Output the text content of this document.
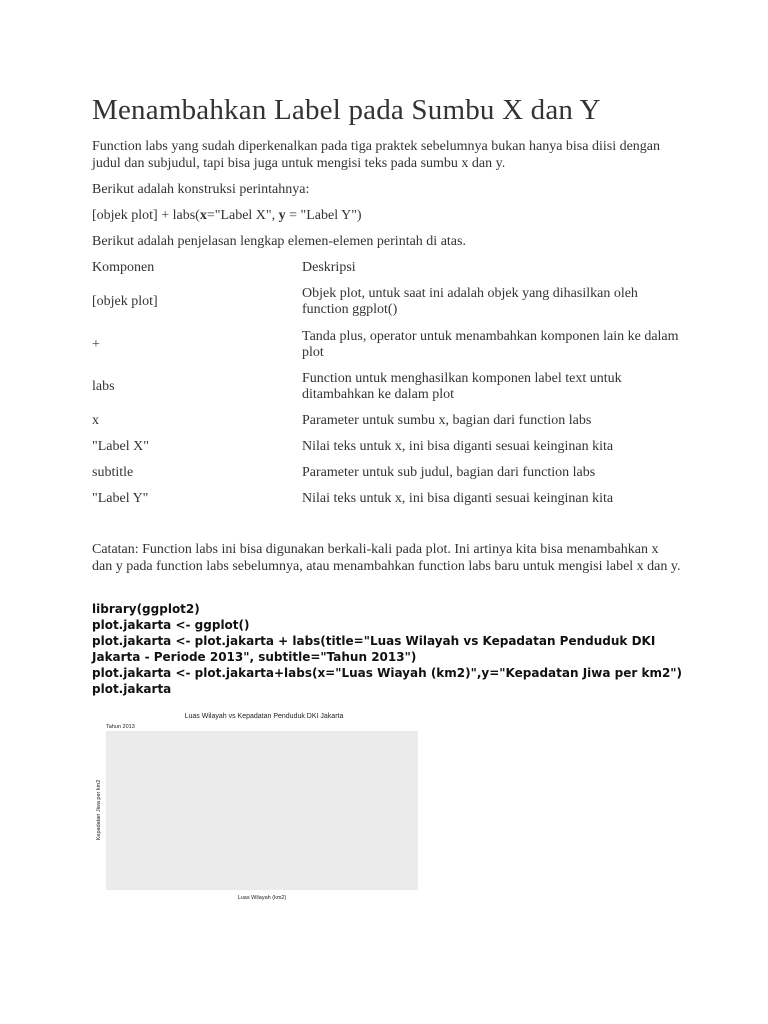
Menambahkan Label pada Sumbu X dan Y

Function labs yang sudah diperkenalkan pada tiga praktek sebelumnya bukan hanya bisa diisi dengan judul dan subjudul, tapi bisa juga untuk mengisi teks pada sumbu x dan y.

Berikut adalah konstruksi perintahnya:

[objek plot] + labs(x="Label X", y = "Label Y")

Berikut adalah penjelasan lengkap elemen-elemen perintah di atas.

Komponen	Deskripsi
[objek plot]	Objek plot, untuk saat ini adalah objek yang dihasilkan oleh function ggplot()
+	Tanda plus, operator untuk menambahkan komponen lain ke dalam plot
labs	Function untuk menghasilkan komponen label text untuk ditambahkan ke dalam plot
x	Parameter untuk sumbu x, bagian dari function labs
"Label X"	Nilai teks untuk x, ini bisa diganti sesuai keinginan kita
subtitle	Parameter untuk sub judul, bagian dari function labs
"Label Y"	Nilai teks untuk x, ini bisa diganti sesuai keinginan kita

Catatan: Function labs ini bisa digunakan berkali-kali pada plot. Ini artinya kita bisa menambahkan x dan y pada function labs sebelumnya, atau menambahkan function labs baru untuk mengisi label x dan y.

library(ggplot2)
plot.jakarta <- ggplot()
plot.jakarta <- plot.jakarta + labs(title="Luas Wilayah vs Kepadatan Penduduk DKI Jakarta - Periode 2013", subtitle="Tahun 2013")
plot.jakarta <- plot.jakarta+labs(x="Luas Wiayah (km2)",y="Kepadatan Jiwa per km2")
plot.jakarta
Luas Wilayah vs Kepadatan Penduduk DKI Jakarta
Tahun 2013
Luas Wilayah (km2)
Kepadatan Jiwa per km2
